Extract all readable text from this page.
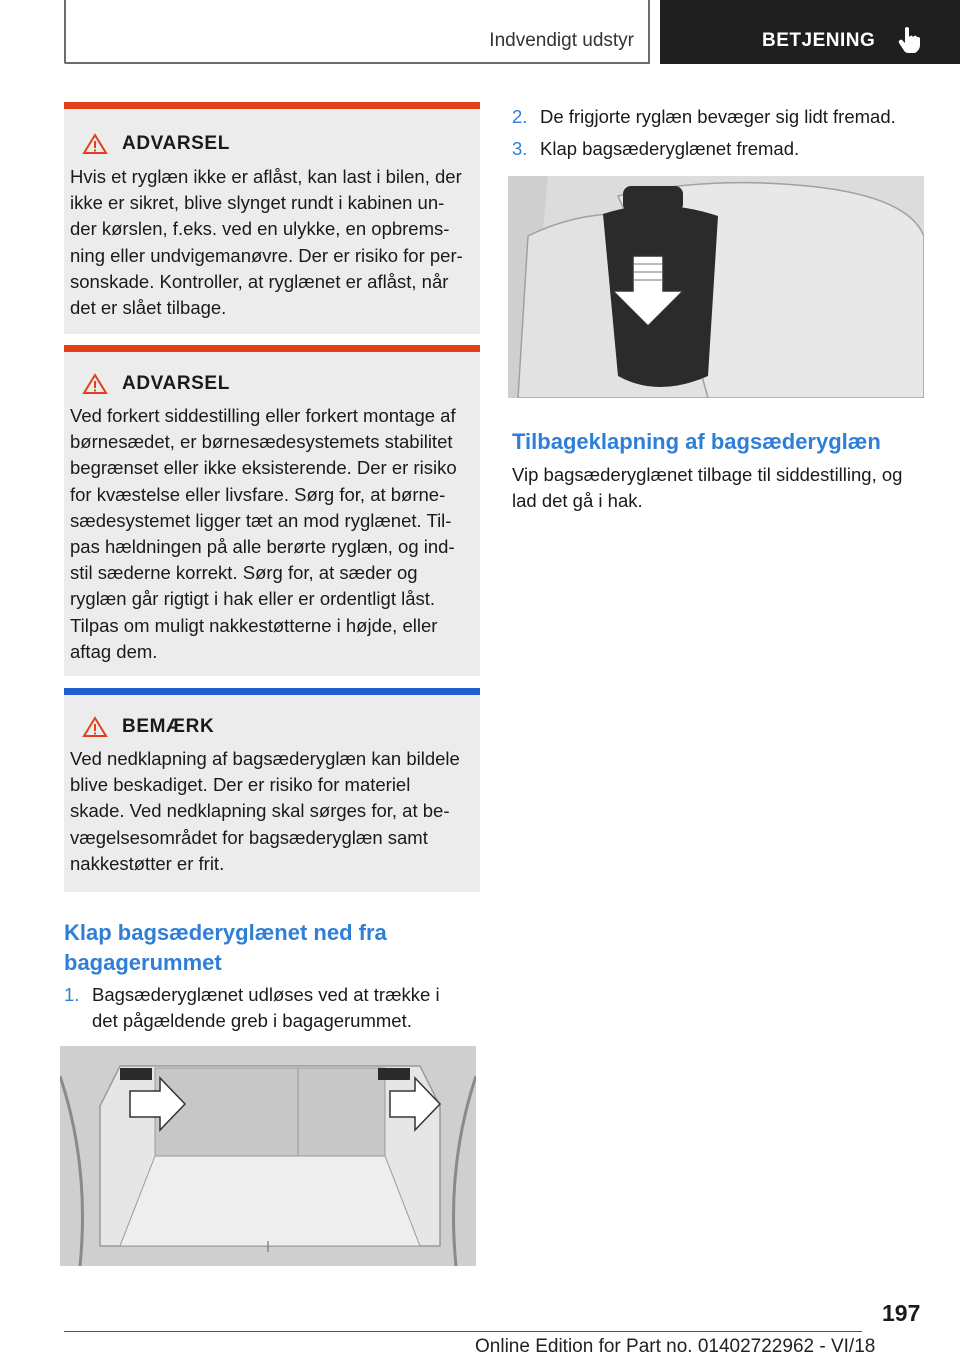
Indvendigt udstyr	BETJENING
ADVARSEL
Hvis et ryglæn ikke er aflåst, kan last i bilen, der
ikke er sikret, blive slynget rundt i kabinen un-
der kørslen, f.eks. ved en ulykke, en opbrems-
ning eller undvigemanøvre. Der er risiko for per-
sonskade. Kontroller, at ryglænet er aflåst, når
det er slået tilbage.
ADVARSEL
Ved forkert siddestilling eller forkert montage af
børnesædet, er børnesædesystemets stabilitet
begrænset eller ikke eksisterende. Der er risiko
for kvæstelse eller livsfare. Sørg for, at børne-
sædesystemet ligger tæt an mod ryglænet. Til-
pas hældningen på alle berørte ryglæn, og ind-
stil sæderne korrekt. Sørg for, at sæder og
ryglæn går rigtigt i hak eller er ordentligt låst.
Tilpas om muligt nakkestøtterne i højde, eller
aftag dem.
BEMÆRK
Ved nedklapning af bagsæderyglæn kan bildele
blive beskadiget. Der er risiko for materiel
skade. Ved nedklapning skal sørges for, at be-
vægelsesområdet for bagsæderyglæn samt
nakkestøtter er frit.
Klap bagsæderyglænet ned fra
bagagerummet
1. Bagsæderyglænet udløses ved at trække i
det pågældende greb i bagagerummet.
2. De frigjorte ryglæn bevæger sig lidt fremad.
3. Klap bagsæderyglænet fremad.
Tilbageklapning af bagsæderyglæn
Vip bagsæderyglænet tilbage til siddestilling, og
lad det gå i hak.
197
Online Edition for Part no. 01402722962 - VI/18
